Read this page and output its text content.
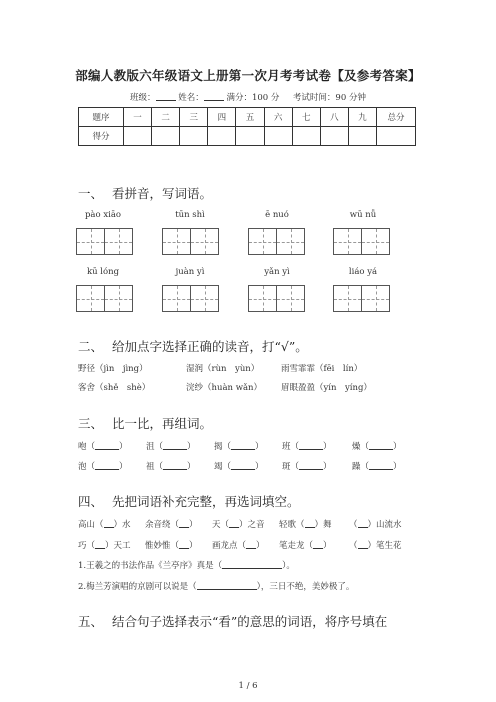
部编人教版六年级语文上册第一次月考考试卷【及参考答案】
班级：	姓名：	满分：100 分 考试时间：90 分钟
题序	一	二	三	四	五	六	七	八	九	总分
得分										
一、 看拼音，写词语。
pào xiāo	tūn shì	ē nuó	wū nǚ
kū lóng	juàn yì	yǎn yì	liáo yá
二、 给加点字选择正确的读音，打“√”。
野径（jìn　jìng）	湿润（rùn　yùn）	雨雪霏霏（fēi　lín）
客舍（shě　shè）	浣纱（huàn wǎn） 眉眼盈盈（yín　yíng）
三、 比一比，再组词。
咆（	） 沮（	） 揭（	） 班（	） 燥（	）
泡（	） 祖（	） 竭（	） 斑（	） 躁（	）
四、 先把词语补充完整，再选词填空。
高山（ ）水 余音绕（ ） 天（ ）之音 轻歌（ ）舞 （ ）山流水
巧（ ）天工 惟妙惟（ ） 画龙点（ ） 笔走龙（ ） （ ）笔生花
1.王羲之的书法作品《兰亭序》真是（	）。
2.梅兰芳演唱的京剧可以说是（	），三日不绝，美妙极了。
五、 结合句子选择表示“看”的意思的词语，将序号填在
1 / 6
